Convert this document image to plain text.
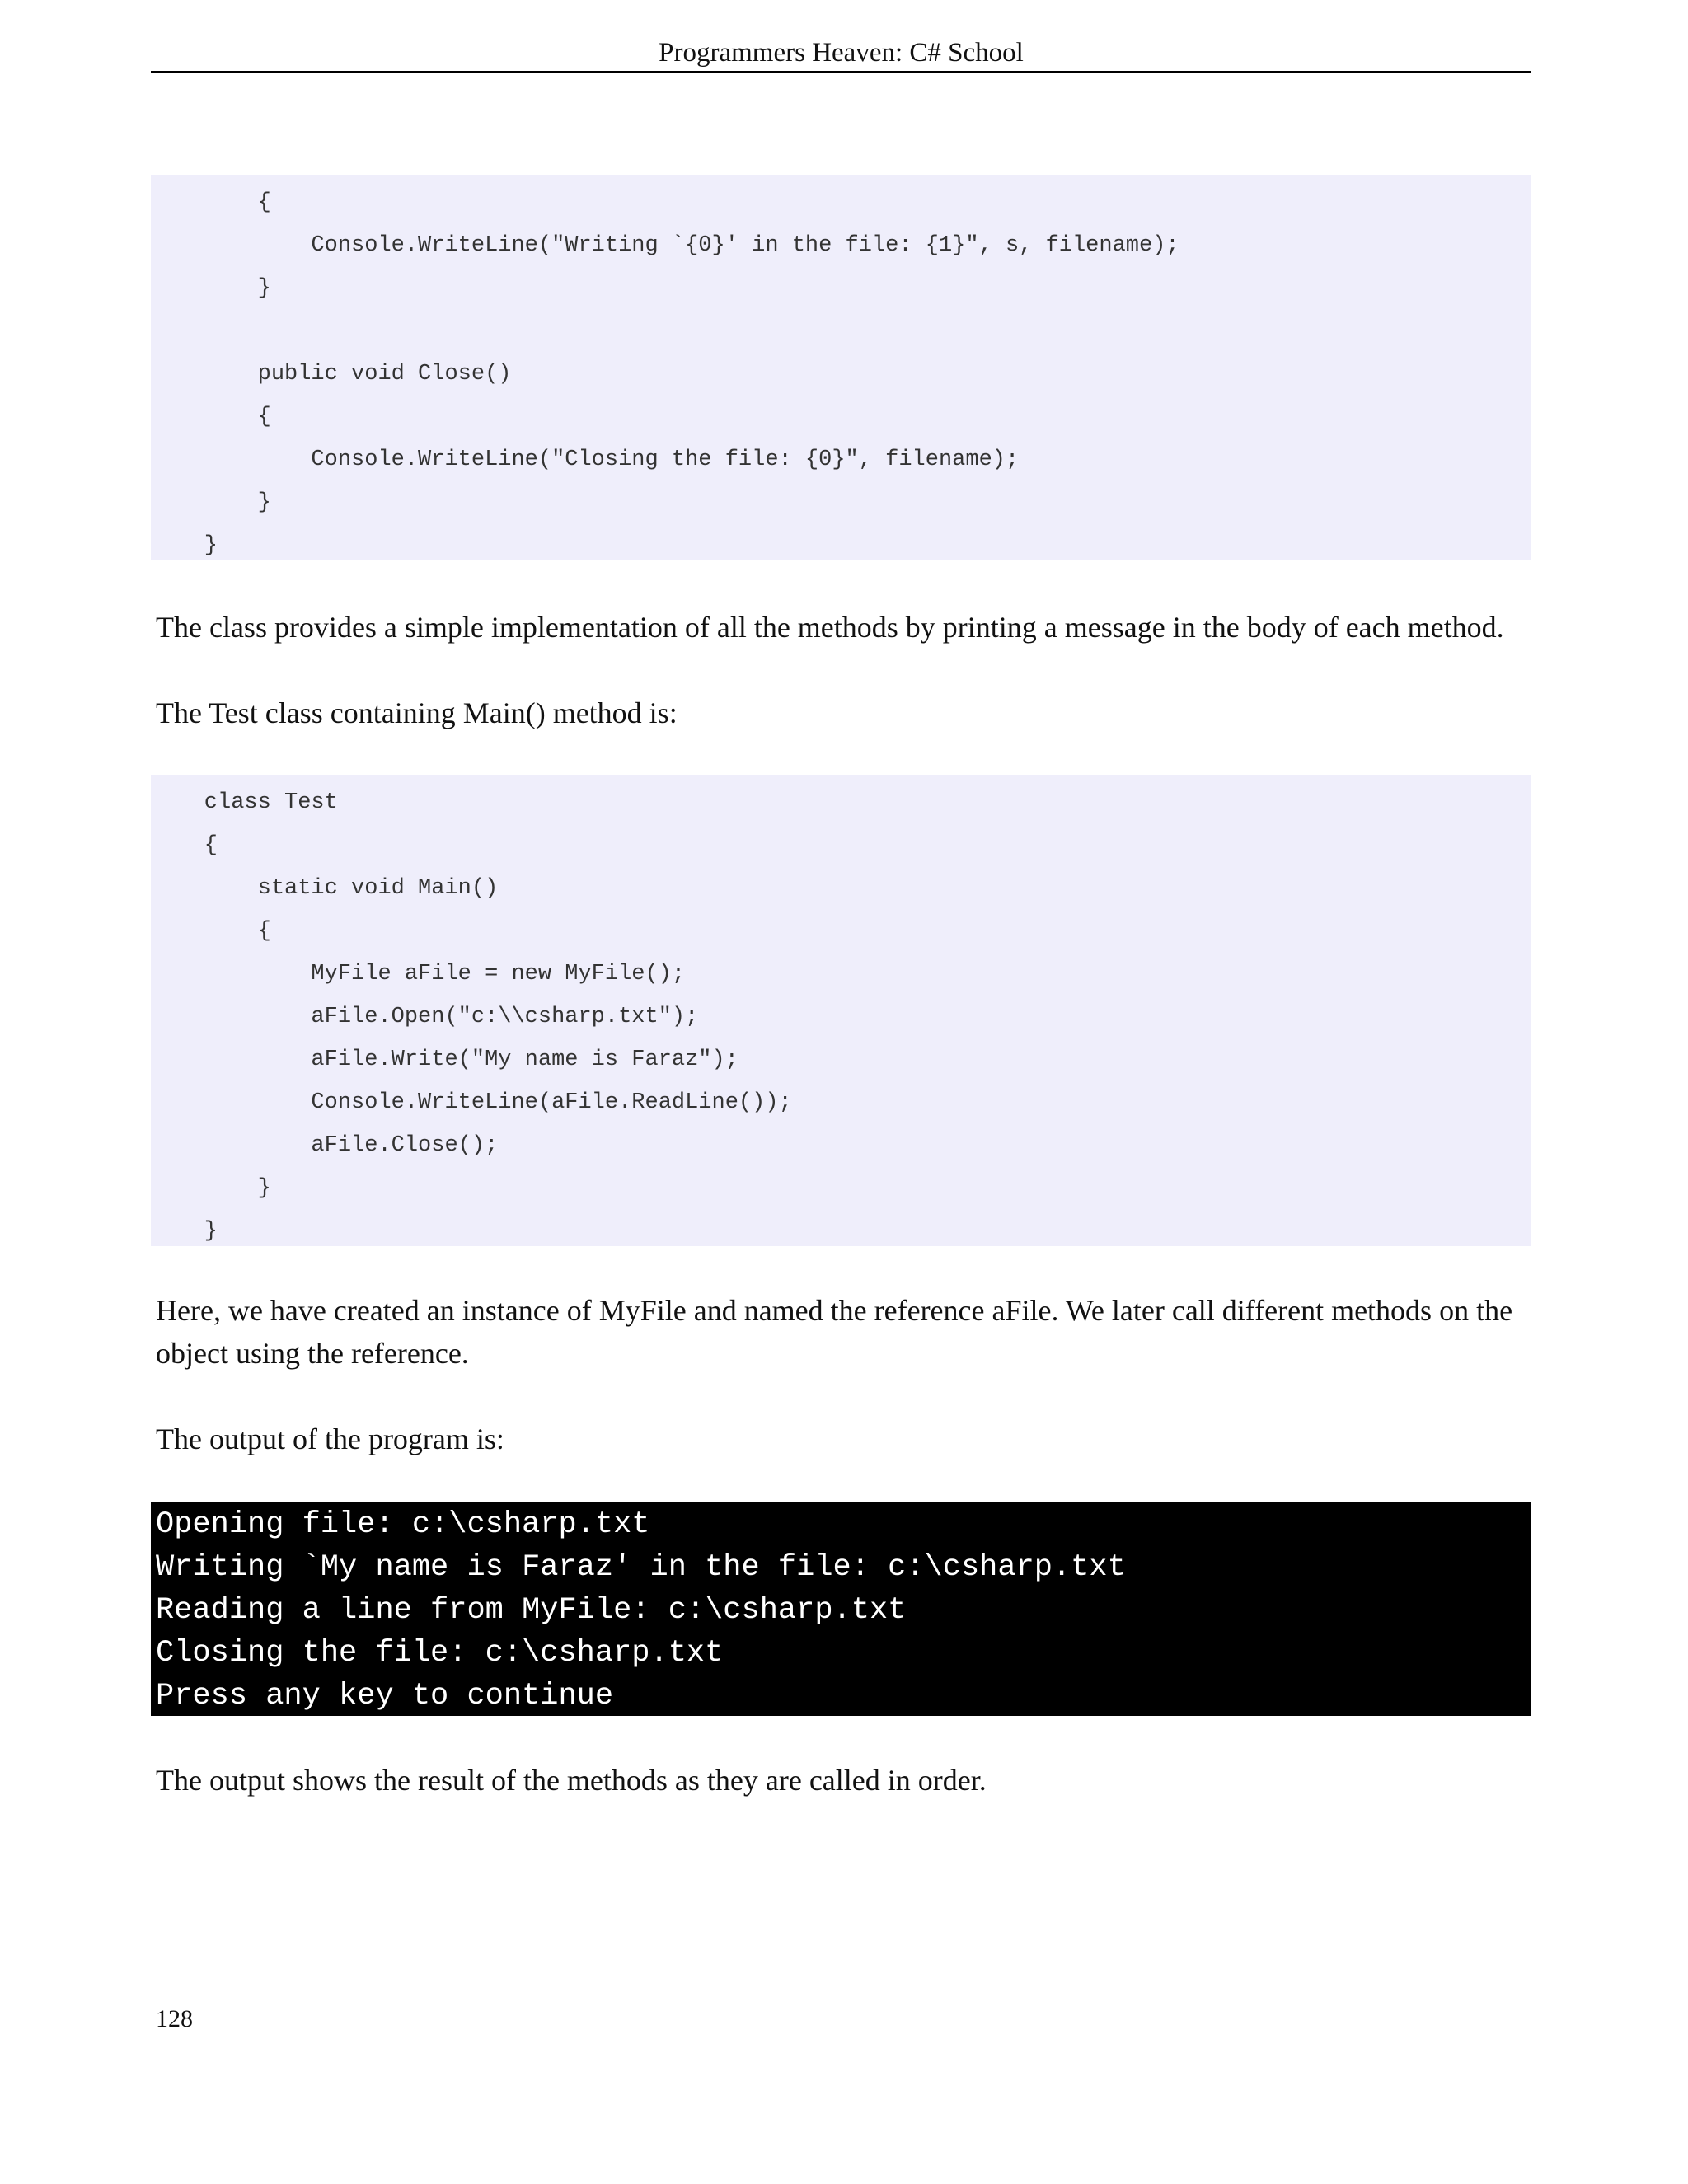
Programmers Heaven: C# School
{
Console.WriteLine("Writing `{0}' in the file: {1}", s, filename);
}
public void Close()
{
Console.WriteLine("Closing the file: {0}", filename);
}
}

The class provides a simple implementation of all the methods by printing a message in the body of each method.

The Test class containing Main() method is:

class Test
{
static void Main()
{
MyFile aFile = new MyFile();
aFile.Open("c:\\csharp.txt");
aFile.Write("My name is Faraz");
Console.WriteLine(aFile.ReadLine());
aFile.Close();
}
}

Here, we have created an instance of MyFile and named the reference aFile. We later call different methods on the object using the reference.

The output of the program is:

Opening file: c:\csharp.txt
Writing `My name is Faraz' in the file: c:\csharp.txt
Reading a line from MyFile: c:\csharp.txt
Closing the file: c:\csharp.txt
Press any key to continue

The output shows the result of the methods as they are called in order.

128
